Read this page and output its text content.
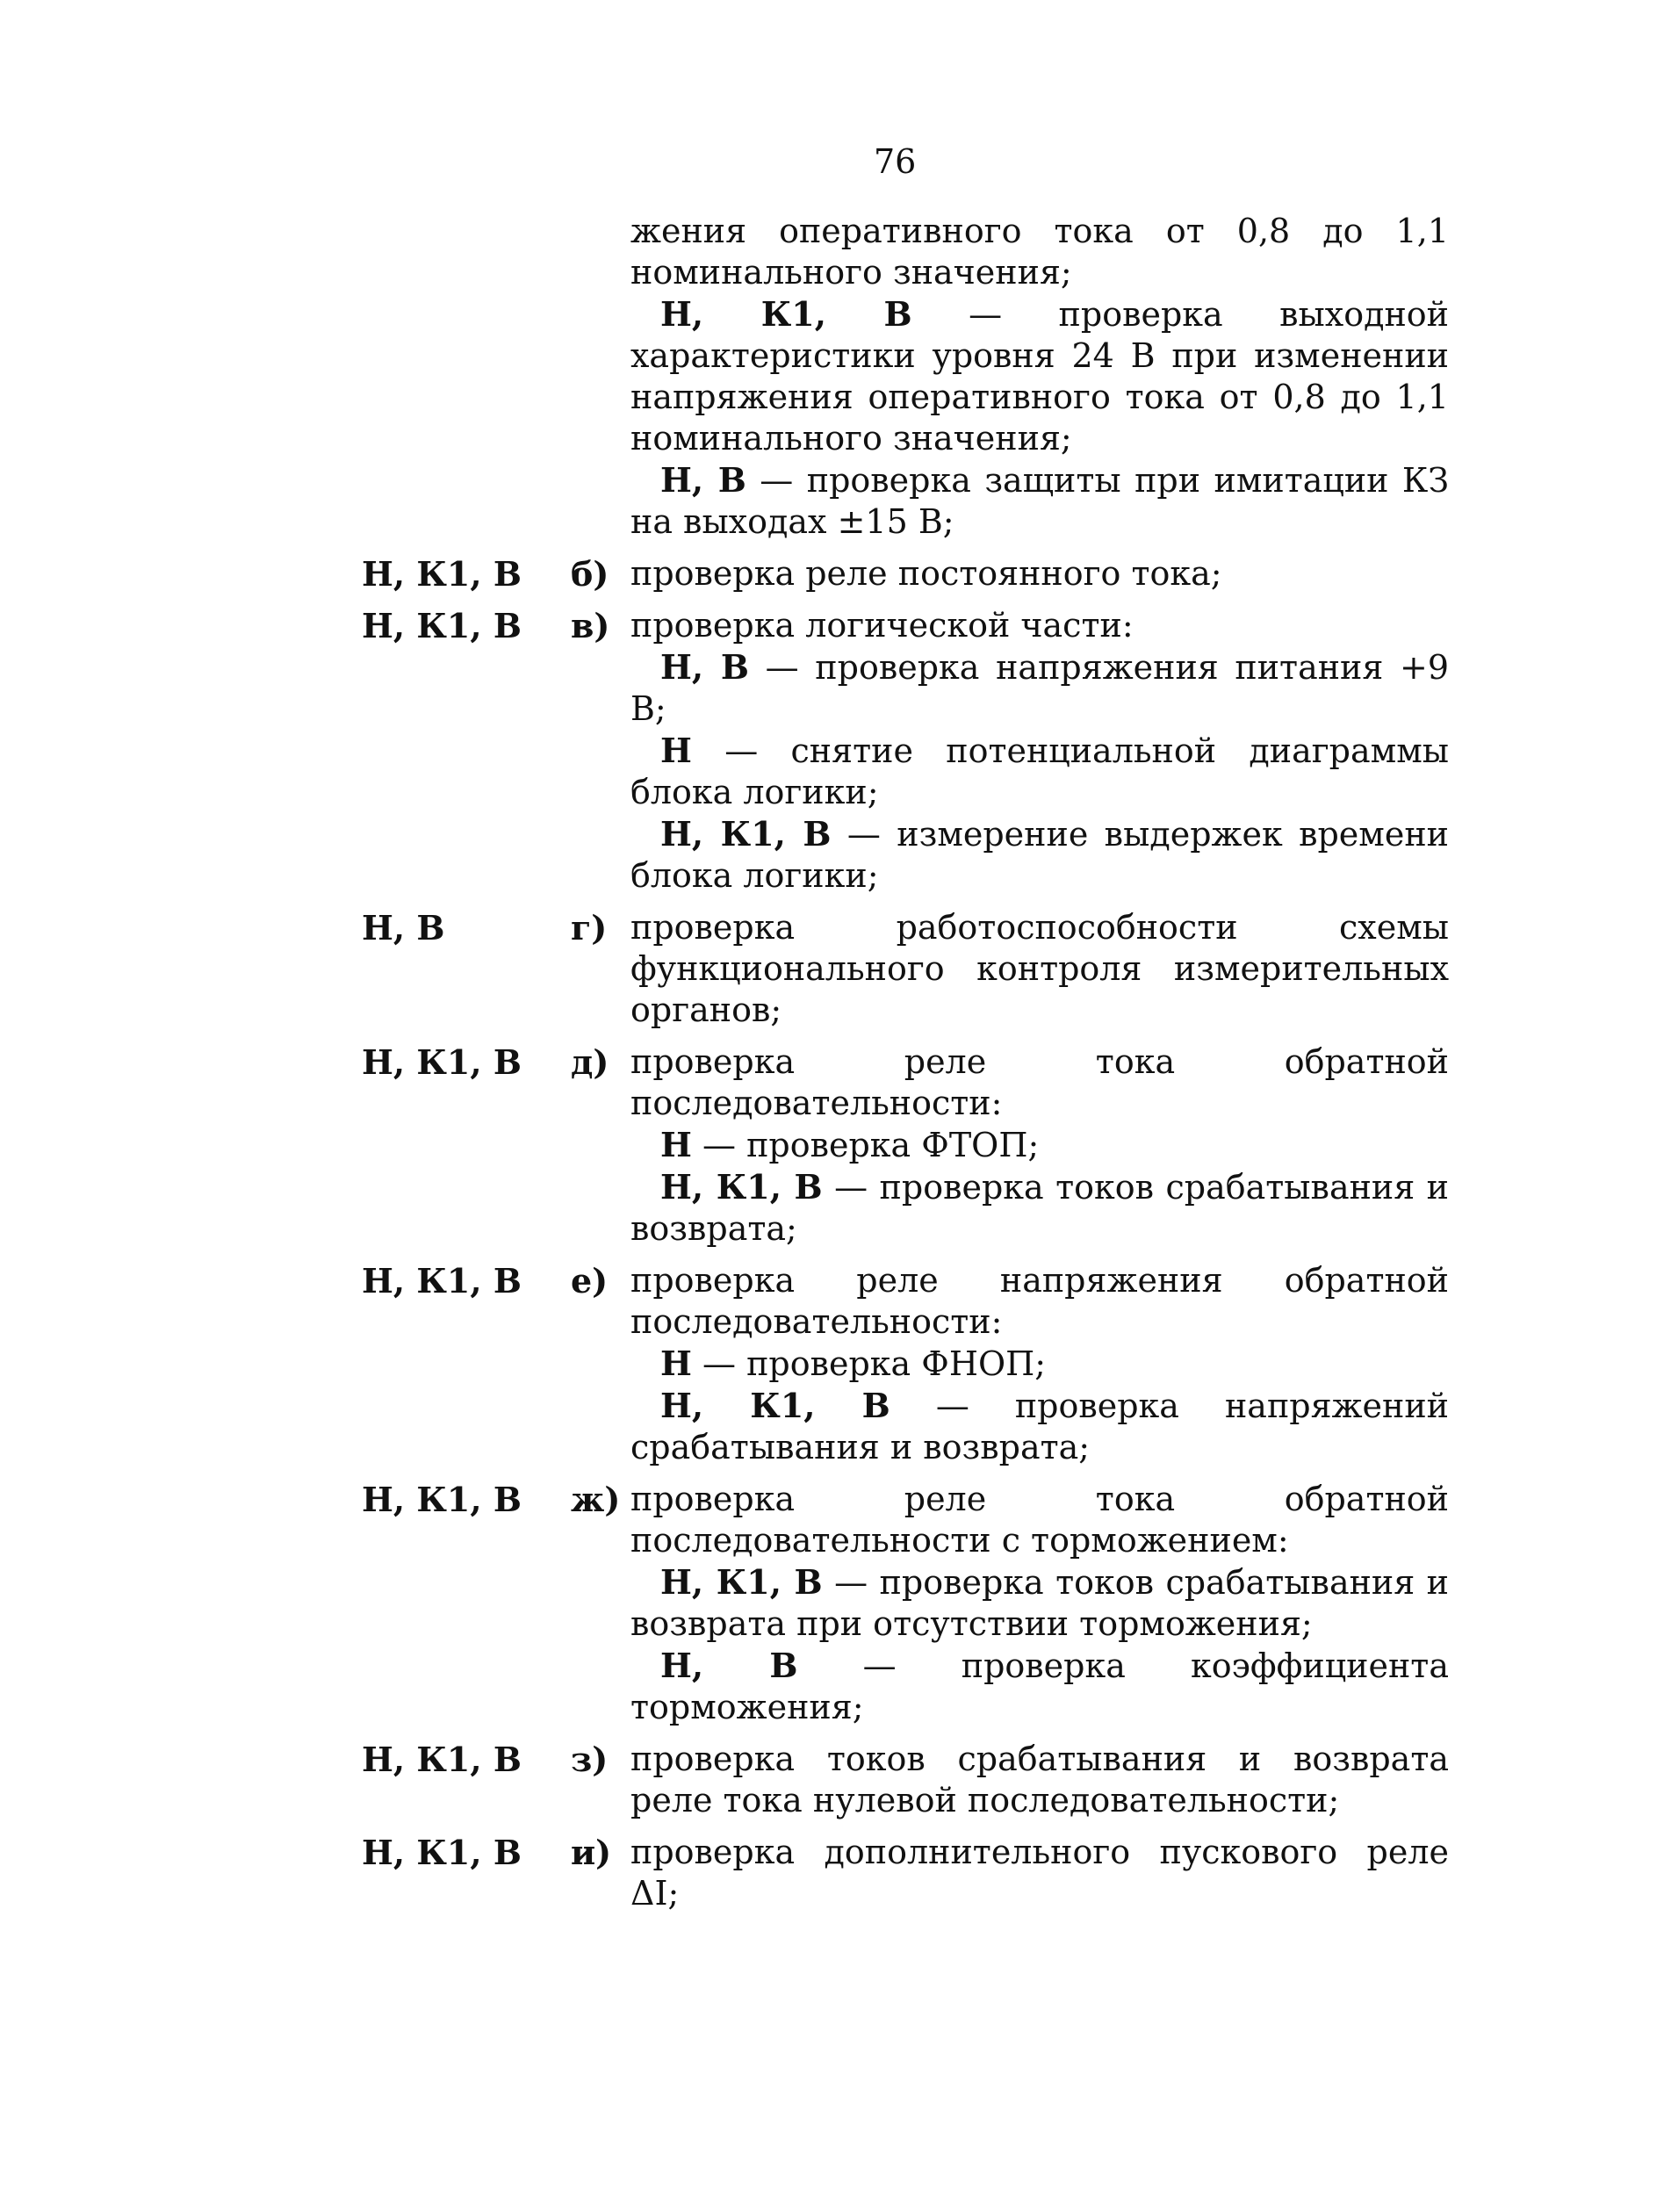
76

жения оперативного тока от 0,8 до 1,1 номинального значения;

Н, К1, В — проверка выходной характеристики уровня 24 В при изменении напряжения оперативного тока от 0,8 до 1,1 номинального значения;

Н, В — проверка защиты при имитации КЗ на выходах ±15 В;

Н, К1, В б) проверка реле постоянного тока;
Н, К1, В в) проверка логической части:
Н, В — проверка напряжения питания +9 В;
Н — снятие потенциальной диаграммы блока логики;
Н, К1, В — измерение выдержек времени блока логики;
Н, В	г) проверка работоспособности схемы функционального контроля измерительных органов;
Н, К1, В д) проверка реле тока обратной последовательности:
Н — проверка ФТОП;
Н, К1, В — проверка токов срабатывания и возврата;
Н, К1, В е) проверка реле напряжения обратной последовательности:
Н — проверка ФНОП;
Н, К1, В — проверка напряжений срабатывания и возврата;
Н, К1, В ж) проверка реле тока обратной последовательности с торможением:
Н, К1, В — проверка токов срабатывания и возврата при отсутствии торможения;
Н, В — проверка коэффициента торможения;
Н, К1, В з) проверка токов срабатывания и возврата реле тока нулевой последовательности;
Н, К1, В и) проверка дополнительного пускового реле ΔI;
